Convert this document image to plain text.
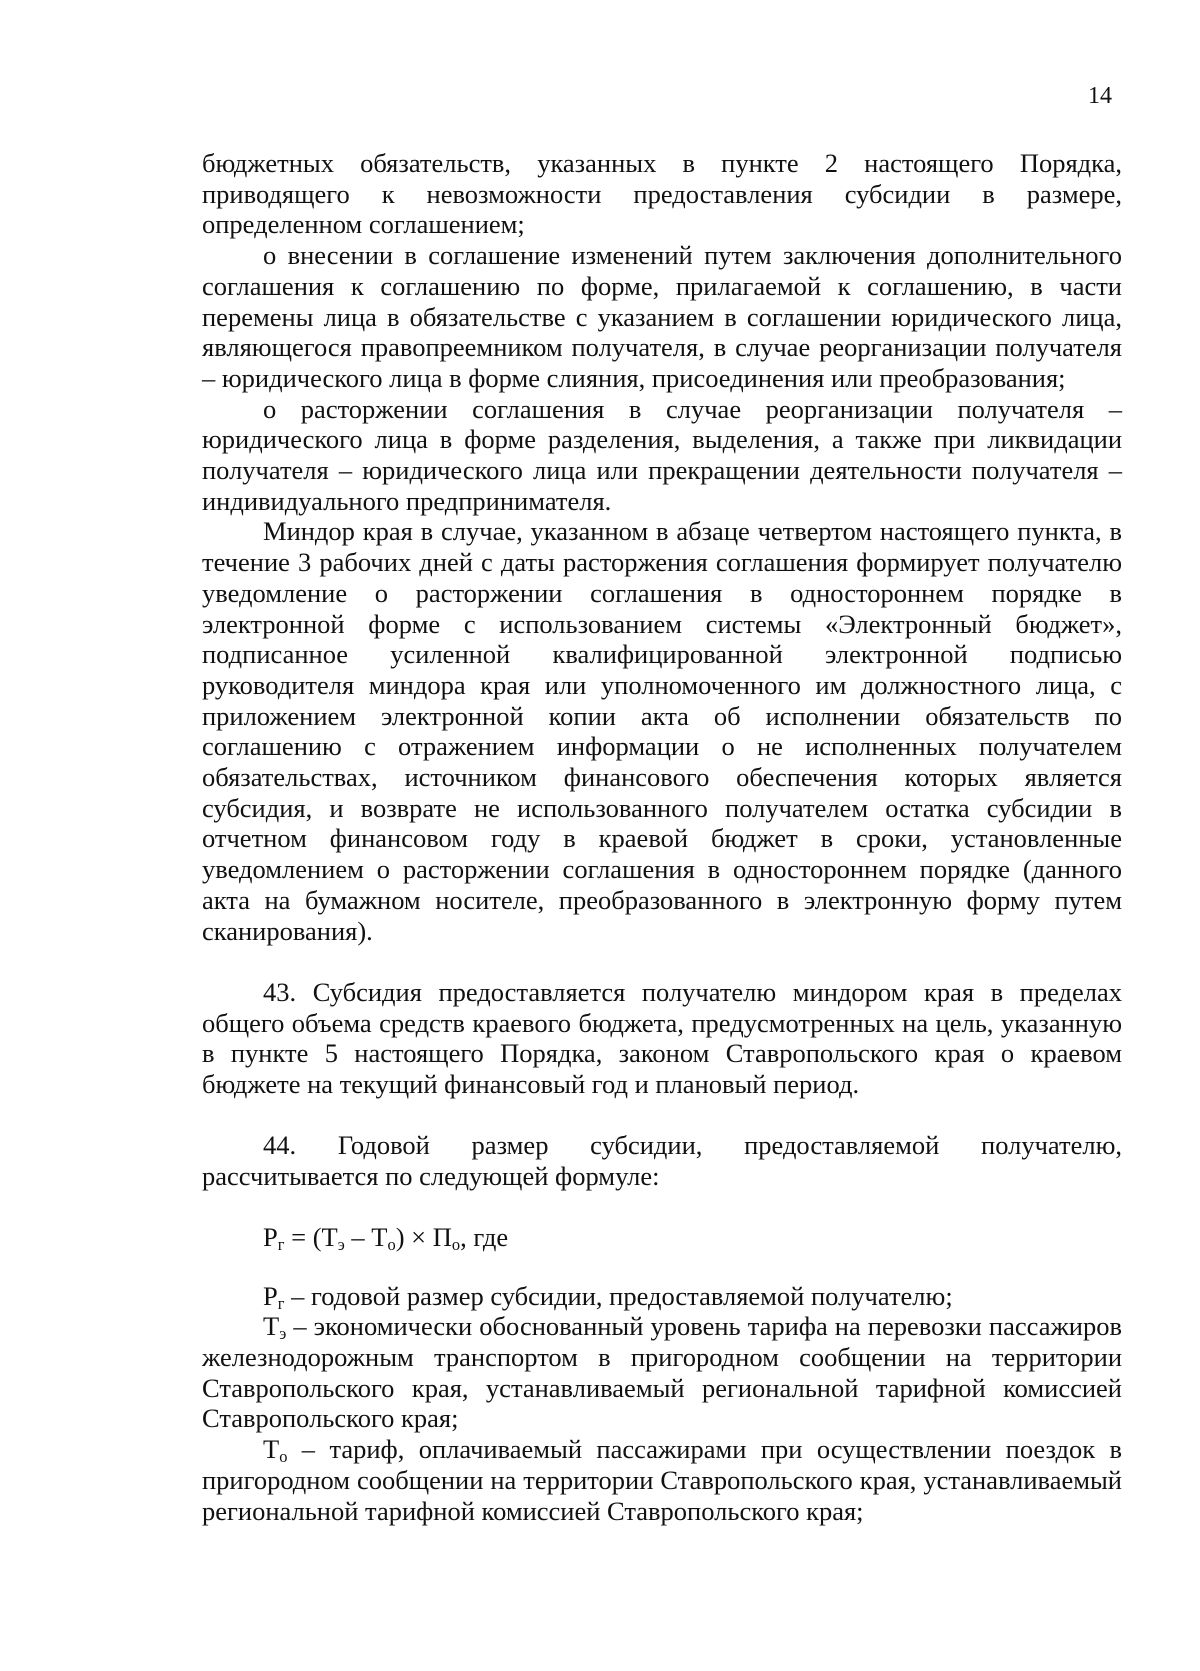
14

бюджетных обязательств, указанных в пункте 2 настоящего Порядка, приводящего к невозможности предоставления субсидии в размере, определенном соглашением;

о внесении в соглашение изменений путем заключения дополнительного соглашения к соглашению по форме, прилагаемой к соглашению, в части перемены лица в обязательстве с указанием в соглашении юридического лица, являющегося правопреемником получателя, в случае реорганизации получателя – юридического лица в форме слияния, присоединения или преобразования;

о расторжении соглашения в случае реорганизации получателя – юридического лица в форме разделения, выделения, а также при ликвидации получателя – юридического лица или прекращении деятельности получателя – индивидуального предпринимателя.

Миндор края в случае, указанном в абзаце четвертом настоящего пункта, в течение 3 рабочих дней с даты расторжения соглашения формирует получателю уведомление о расторжении соглашения в одностороннем порядке в электронной форме с использованием системы «Электронный бюджет», подписанное усиленной квалифицированной электронной подписью руководителя миндора края или уполномоченного им должностного лица, с приложением электронной копии акта об исполнении обязательств по соглашению с отражением информации о не исполненных получателем обязательствах, источником финансового обеспечения которых является субсидия, и возврате не использованного получателем остатка субсидии в отчетном финансовом году в краевой бюджет в сроки, установленные уведомлением о расторжении соглашения в одностороннем порядке (данного акта на бумажном носителе, преобразованного в электронную форму путем сканирования).

43. Субсидия предоставляется получателю миндором края в пределах общего объема средств краевого бюджета, предусмотренных на цель, указанную в пункте 5 настоящего Порядка, законом Ставропольского края о краевом бюджете на текущий финансовый год и плановый период.

44. Годовой размер субсидии, предоставляемой получателю, рассчитывается по следующей формуле:

$Р_г = (Т_э - Т_о) \times П_о$, где

$Р_г$ – годовой размер субсидии, предоставляемой получателю;

$Т_э$ – экономически обоснованный уровень тарифа на перевозки пассажиров железнодорожным транспортом в пригородном сообщении на территории Ставропольского края, устанавливаемый региональной тарифной комиссией Ставропольского края;

$Т_о$ – тариф, оплачиваемый пассажирами при осуществлении поездок в пригородном сообщении на территории Ставропольского края, устанавливаемый региональной тарифной комиссией Ставропольского края;
